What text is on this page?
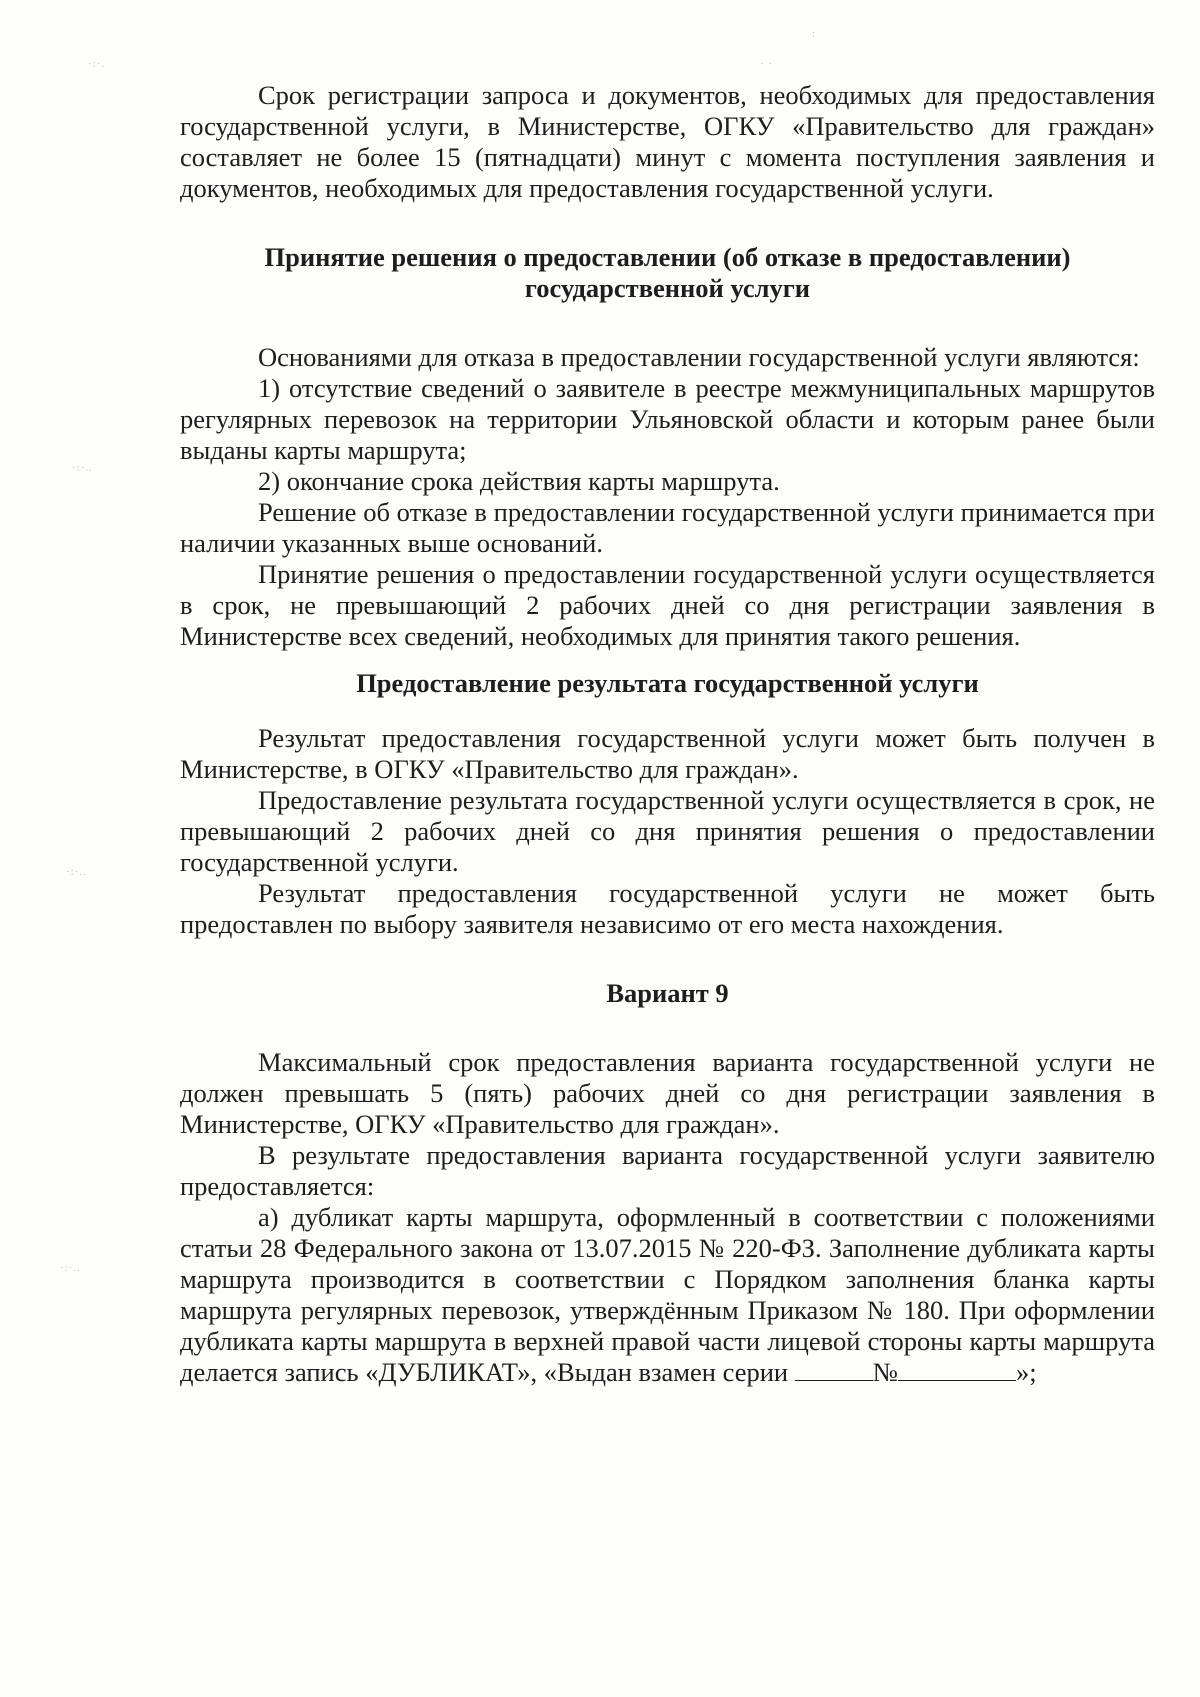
·:·.	· ·
:
·:·..
·:·..
·:·..

Срок регистрации запроса и документов, необходимых для предоставления государственной услуги, в Министерстве, ОГКУ «Правительство для граждан» составляет не более 15 (пятнадцати) минут с момента поступления заявления и документов, необходимых для предоставления государственной услуги.

Принятие решения о предоставлении (об отказе в предоставлении)
государственной услуги

Основаниями для отказа в предоставлении государственной услуги являются:

1) отсутствие сведений о заявителе в реестре межмуниципальных маршрутов регулярных перевозок на территории Ульяновской области и которым ранее были выданы карты маршрута;

2) окончание срока действия карты маршрута.

Решение об отказе в предоставлении государственной услуги принимается при наличии указанных выше оснований.

Принятие решения о предоставлении государственной услуги осуществляется в срок, не превышающий 2 рабочих дней со дня регистрации заявления в Министерстве всех сведений, необходимых для принятия такого решения.

Предоставление результата государственной услуги

Результат предоставления государственной услуги может быть получен в Министерстве, в ОГКУ «Правительство для граждан».

Предоставление результата государственной услуги осуществляется в срок, не превышающий 2 рабочих дней со дня принятия решения о предоставлении государственной услуги.

Результат предоставления государственной услуги не может быть предоставлен по выбору заявителя независимо от его места нахождения.

Вариант 9

Максимальный срок предоставления варианта государственной услуги не должен превышать 5 (пять) рабочих дней со дня регистрации заявления в Министерстве, ОГКУ «Правительство для граждан».

В результате предоставления варианта государственной услуги заявителю предоставляется:

а) дубликат карты маршрута, оформленный в соответствии с положениями статьи 28 Федерального закона от 13.07.2015 № 220-ФЗ. Заполнение дубликата карты маршрута производится в соответствии с Порядком заполнения бланка карты маршрута регулярных перевозок, утверждённым Приказом № 180. При оформлении дубликата карты маршрута в верхней правой части лицевой стороны карты маршрута делается запись «ДУБЛИКАТ», «Выдан взамен серии	№	»;
